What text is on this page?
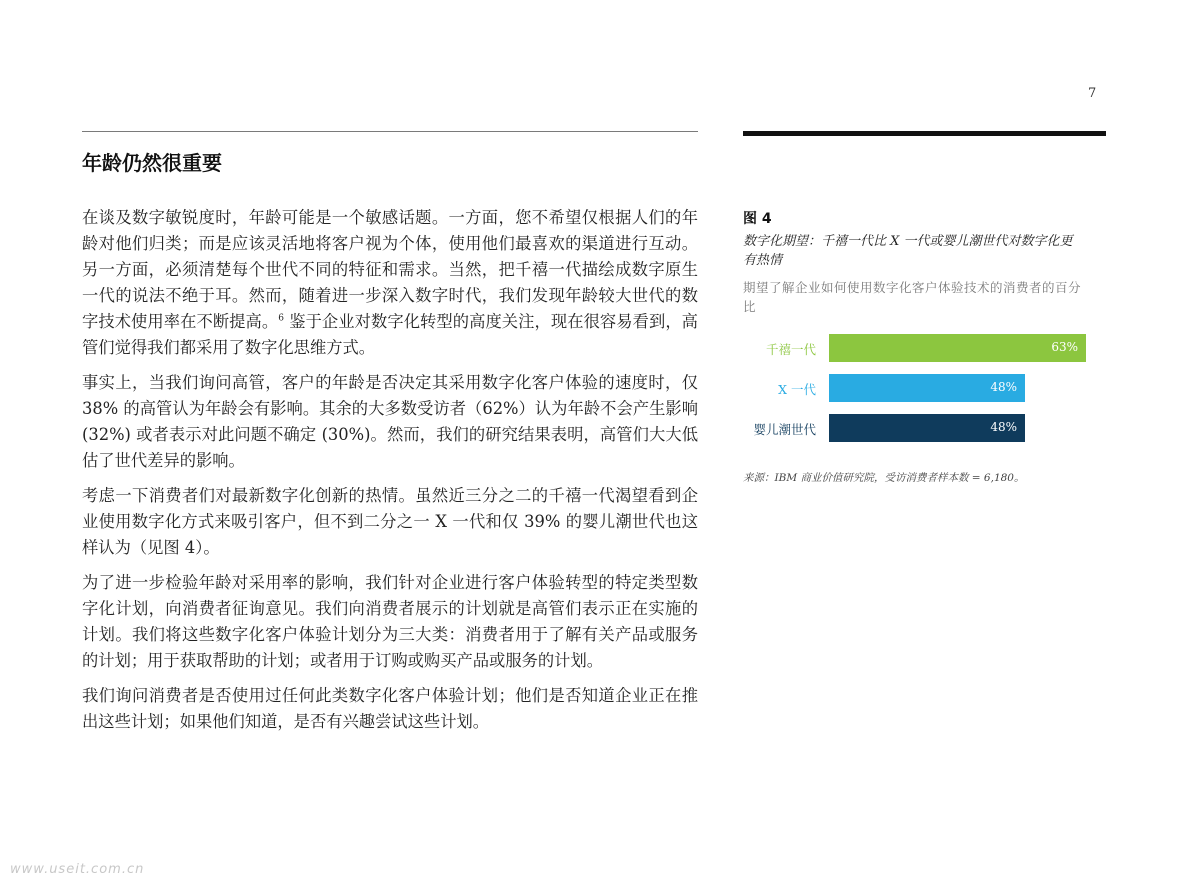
7
年龄仍然很重要

在谈及数字敏锐度时，年龄可能是一个敏感话题。一方面，您不希望仅根据人们的年龄对他们归类；而是应该灵活地将客户视为个体，使用他们最喜欢的渠道进行互动。另一方面，必须清楚每个世代不同的特征和需求。当然，把千禧一代描绘成数字原生一代的说法不绝于耳。然而，随着进一步深入数字时代，我们发现年龄较大世代的数字技术使用率在不断提高。$^6$ 鉴于企业对数字化转型的高度关注，现在很容易看到，高管们觉得我们都采用了数字化思维方式。

事实上，当我们询问高管，客户的年龄是否决定其采用数字化客户体验的速度时，仅 38% 的高管认为年龄会有影响。其余的大多数受访者（62%）认为年龄不会产生影响 (32%) 或者表示对此问题不确定 (30%)。然而，我们的研究结果表明，高管们大大低估了世代差异的影响。

考虑一下消费者们对最新数字化创新的热情。虽然近三分之二的千禧一代渴望看到企业使用数字化方式来吸引客户，但不到二分之一 X 一代和仅 39% 的婴儿潮世代也这样认为（见图 4）。

为了进一步检验年龄对采用率的影响，我们针对企业进行客户体验转型的特定类型数字化计划，向消费者征询意见。我们向消费者展示的计划就是高管们表示正在实施的计划。我们将这些数字化客户体验计划分为三大类：消费者用于了解有关产品或服务的计划；用于获取帮助的计划；或者用于订购或购买产品或服务的计划。

我们询问消费者是否使用过任何此类数字化客户体验计划；他们是否知道企业正在推出这些计划；如果他们知道，是否有兴趣尝试这些计划。

图 4

数字化期望：千禧一代比 X 一代或婴儿潮世代对数字化更有热情

期望了解企业如何使用数字化客户体验技术的消费者的百分比

千禧一代	63%
X 一代	48%
婴儿潮世代	48%
来源：IBM 商业价值研究院，受访消费者样本数 = 6,180。
www.useit.com.cn
